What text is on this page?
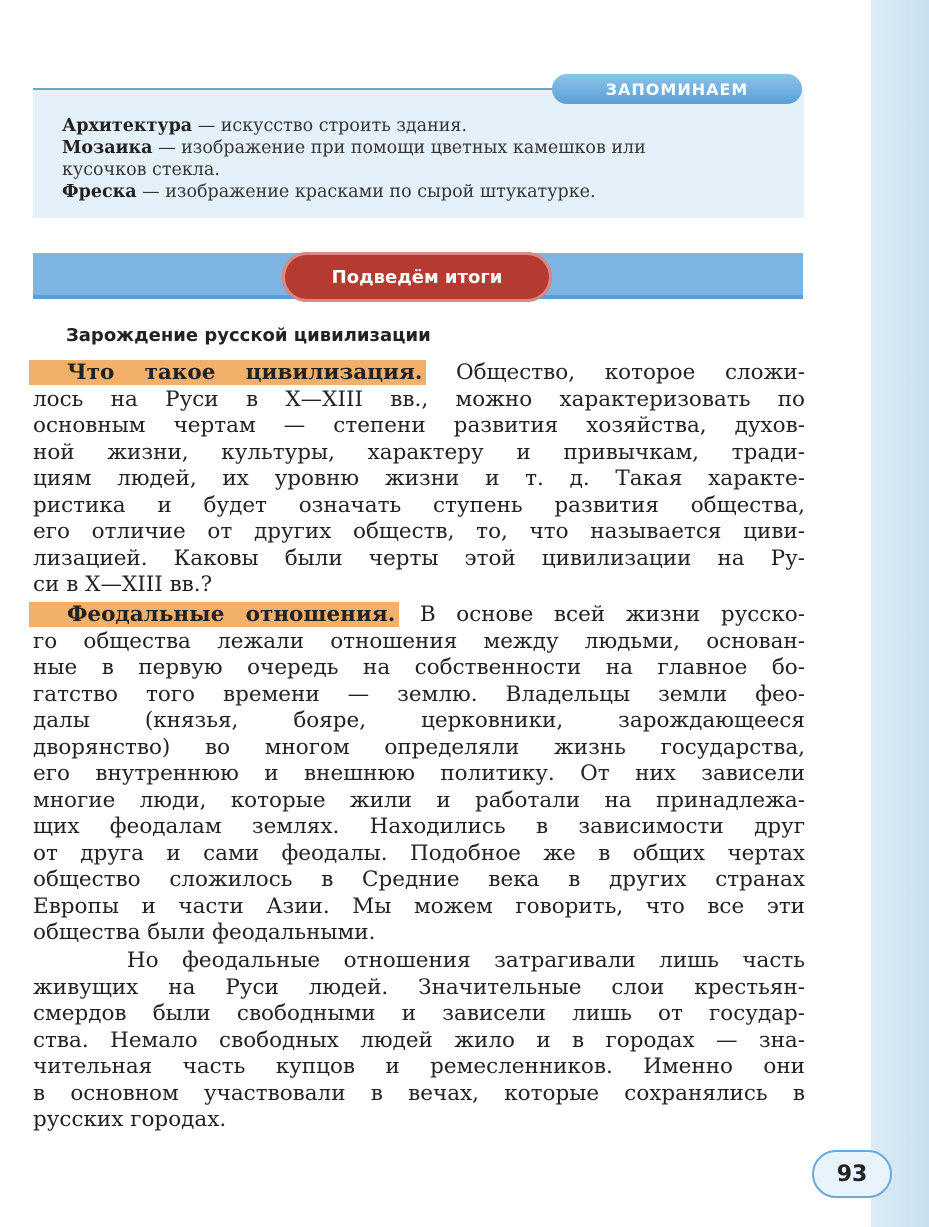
ЗАПОМИНАЕМ
Архитектура — искусство строить здания.
Мозаика — изображение при помощи цветных камешков или
кусочков стекла.
Фреска — изображение красками по сырой штукатурке.
Подведём итоги
Зарождение русской цивилизации
Что такое цивилизация. Общество, которое сложи-
лось на Руси в X—XIII вв., можно характеризовать по
основным чертам — степени развития хозяйства, духов-
ной жизни, культуры, характеру и привычкам, тради-
циям людей, их уровню жизни и т. д. Такая характе-
ристика и будет означать ступень развития общества,
его отличие от других обществ, то, что называется циви-
лизацией. Каковы были черты этой цивилизации на Ру-
си в X—XIII вв.?
Феодальные отношения. В основе всей жизни русско-
го общества лежали отношения между людьми, основан-
ные в первую очередь на собственности на главное бо-
гатство того времени — землю. Владельцы земли фео-
далы (князья, бояре, церковники, зарождающееся
дворянство) во многом определяли жизнь государства,
его внутреннюю и внешнюю политику. От них зависели
многие люди, которые жили и работали на принадлежа-
щих феодалам землях. Находились в зависимости друг
от друга и сами феодалы. Подобное же в общих чертах
общество сложилось в Средние века в других странах
Европы и части Азии. Мы можем говорить, что все эти
общества были феодальными.
Но феодальные отношения затрагивали лишь часть
живущих на Руси людей. Значительные слои крестьян-
смердов были свободными и зависели лишь от государ-
ства. Немало свободных людей жило и в городах — зна-
чительная часть купцов и ремесленников. Именно они
в основном участвовали в вечах, которые сохранялись в
русских городах.
93
